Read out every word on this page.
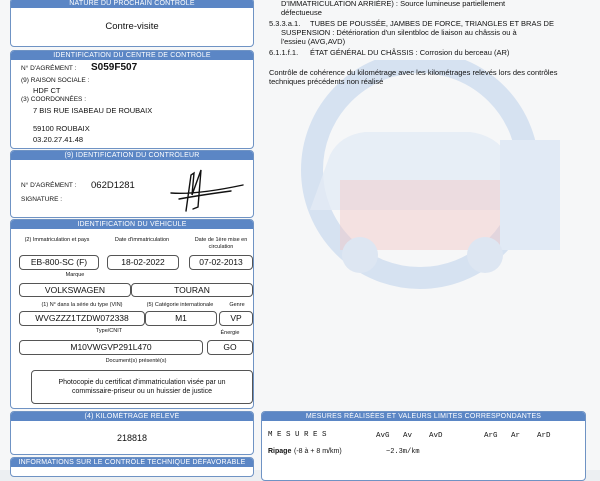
NATURE DU PROCHAIN CONTRÔLE
Contre-visite
IDENTIFICATION DU CENTRE DE CONTRÔLE
N° D'AGRÉMENT : S059F507
(9) RAISON SOCIALE :
HDF CT
(3) COORDONNÉES :
7 BIS RUE ISABEAU DE ROUBAIX
59100 ROUBAIX
03.20.27.41.48
(9) IDENTIFICATION DU CONTRÔLEUR
N° D'AGRÉMENT : 062D1281
SIGNATURE :
IDENTIFICATION DU VÉHICULE
(2) Immatriculation et pays	Date d'immatriculation	Date de 1ère mise en circulation
EB-800-SC (F)	18-02-2022	07-02-2013
Marque
VOLKSWAGEN	TOURAN
(1) N° dans la série du type (VIN)	(5) Catégorie internationale	Genre
WVGZZZ1TZDW072338	M1	VP
Type/CNIT	Énergie
M10VWGVP291L470	GO
Document(s) présenté(s)
Photocopie du certificat d'immatriculation visée par un
commissaire-priseur ou un huissier de justice
(4) KILOMÉTRAGE RELEVÉ
218818
INFORMATIONS SUR LE CONTRÔLE TECHNIQUE DÉFAVORABLE
D'IMMATRICULATION ARRIÈRE) : Source lumineuse partiellement
défectueuse
5.3.3.a.1. TUBES DE POUSSÉE, JAMBES DE FORCE, TRIANGLES ET BRAS DE
SUSPENSION : Détérioration d'un silentbloc de liaison au châssis ou à
l'essieu (AVG,AVD)
6.1.1.f.1. ÉTAT GÉNÉRAL DU CHÂSSIS : Corrosion du berceau (AR)
Contrôle de cohérence du kilométrage avec les kilométrages relevés lors des contrôles
techniques précédents non réalisé
MESURES RÉALISÉES ET VALEURS LIMITES CORRESPONDANTES
M E S U R E S	AvG Av AvD	ArG Ar ArD
Ripage (-8 à + 8 m/km)	~2.3m/km
